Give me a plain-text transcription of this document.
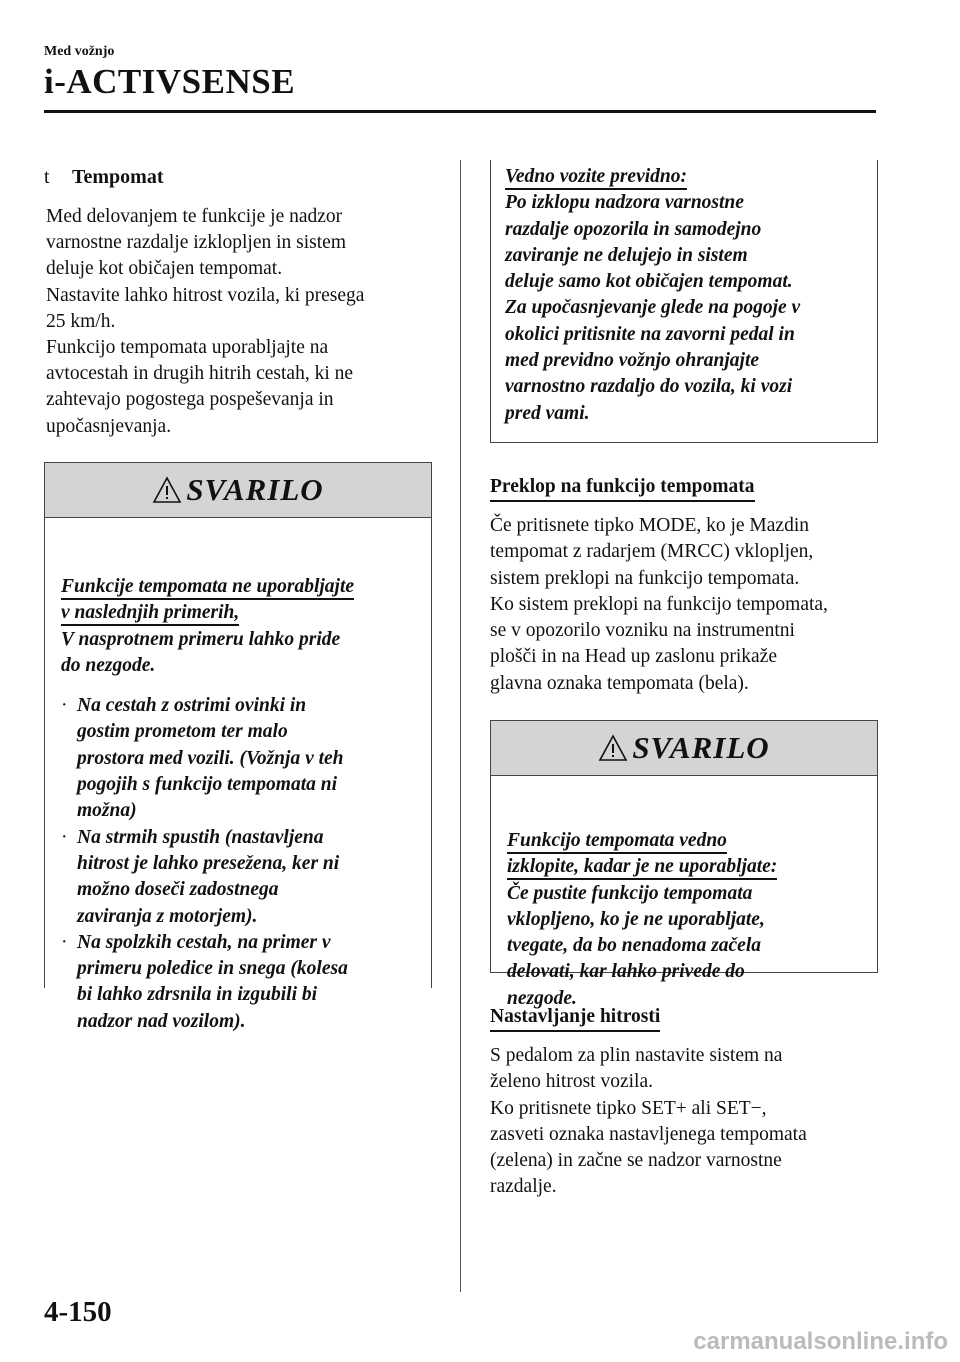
Med vožnjo
i-ACTIVSENSE
t Tempomat
Med delovanjem te funkcije je nadzor
varnostne razdalje izklopljen in sistem
deluje kot običajen tempomat.
Nastavite lahko hitrost vozila, ki presega
25 km/h.
Funkcijo tempomata uporabljajte na
avtocestah in drugih hitrih cestah, ki ne
zahtevajo pogostega pospeševanja in
upočasnjevanja.
SVARILO
Funkcije tempomata ne uporabljajte
v naslednjih primerih,
V nasprotnem primeru lahko pride
do nezgode.
· Na cestah z ostrimi ovinki in
gostim prometom ter malo
prostora med vozili. (Vožnja v teh
pogojih s funkcijo tempomata ni
možna)
· Na strmih spustih (nastavljena
hitrost je lahko presežena, ker ni
možno doseči zadostnega
zaviranja z motorjem).
· Na spolzkih cestah, na primer v
primeru poledice in snega (kolesa
bi lahko zdrsnila in izgubili bi
nadzor nad vozilom).
Vedno vozite previdno:
Po izklopu nadzora varnostne
razdalje opozorila in samodejno
zaviranje ne delujejo in sistem
deluje samo kot običajen tempomat.
Za upočasnjevanje glede na pogoje v
okolici pritisnite na zavorni pedal in
med previdno vožnjo ohranjajte
varnostno razdaljo do vozila, ki vozi
pred vami.
Preklop na funkcijo tempomata
Če pritisnete tipko MODE, ko je Mazdin
tempomat z radarjem (MRCC) vklopljen,
sistem preklopi na funkcijo tempomata.
Ko sistem preklopi na funkcijo tempomata,
se v opozorilo vozniku na instrumentni
plošči in na Head up zaslonu prikaže
glavna oznaka tempomata (bela).
SVARILO
Funkcijo tempomata vedno
izklopite, kadar je ne uporabljate:
Če pustite funkcijo tempomata
vklopljeno, ko je ne uporabljate,
tvegate, da bo nenadoma začela
delovati, kar lahko privede do
nezgode.
Nastavljanje hitrosti
S pedalom za plin nastavite sistem na
želeno hitrost vozila.
Ko pritisnete tipko SET+ ali SET−,
zasveti oznaka nastavljenega tempomata
(zelena) in začne se nadzor varnostne
razdalje.
4-150
carmanualsonline.info
